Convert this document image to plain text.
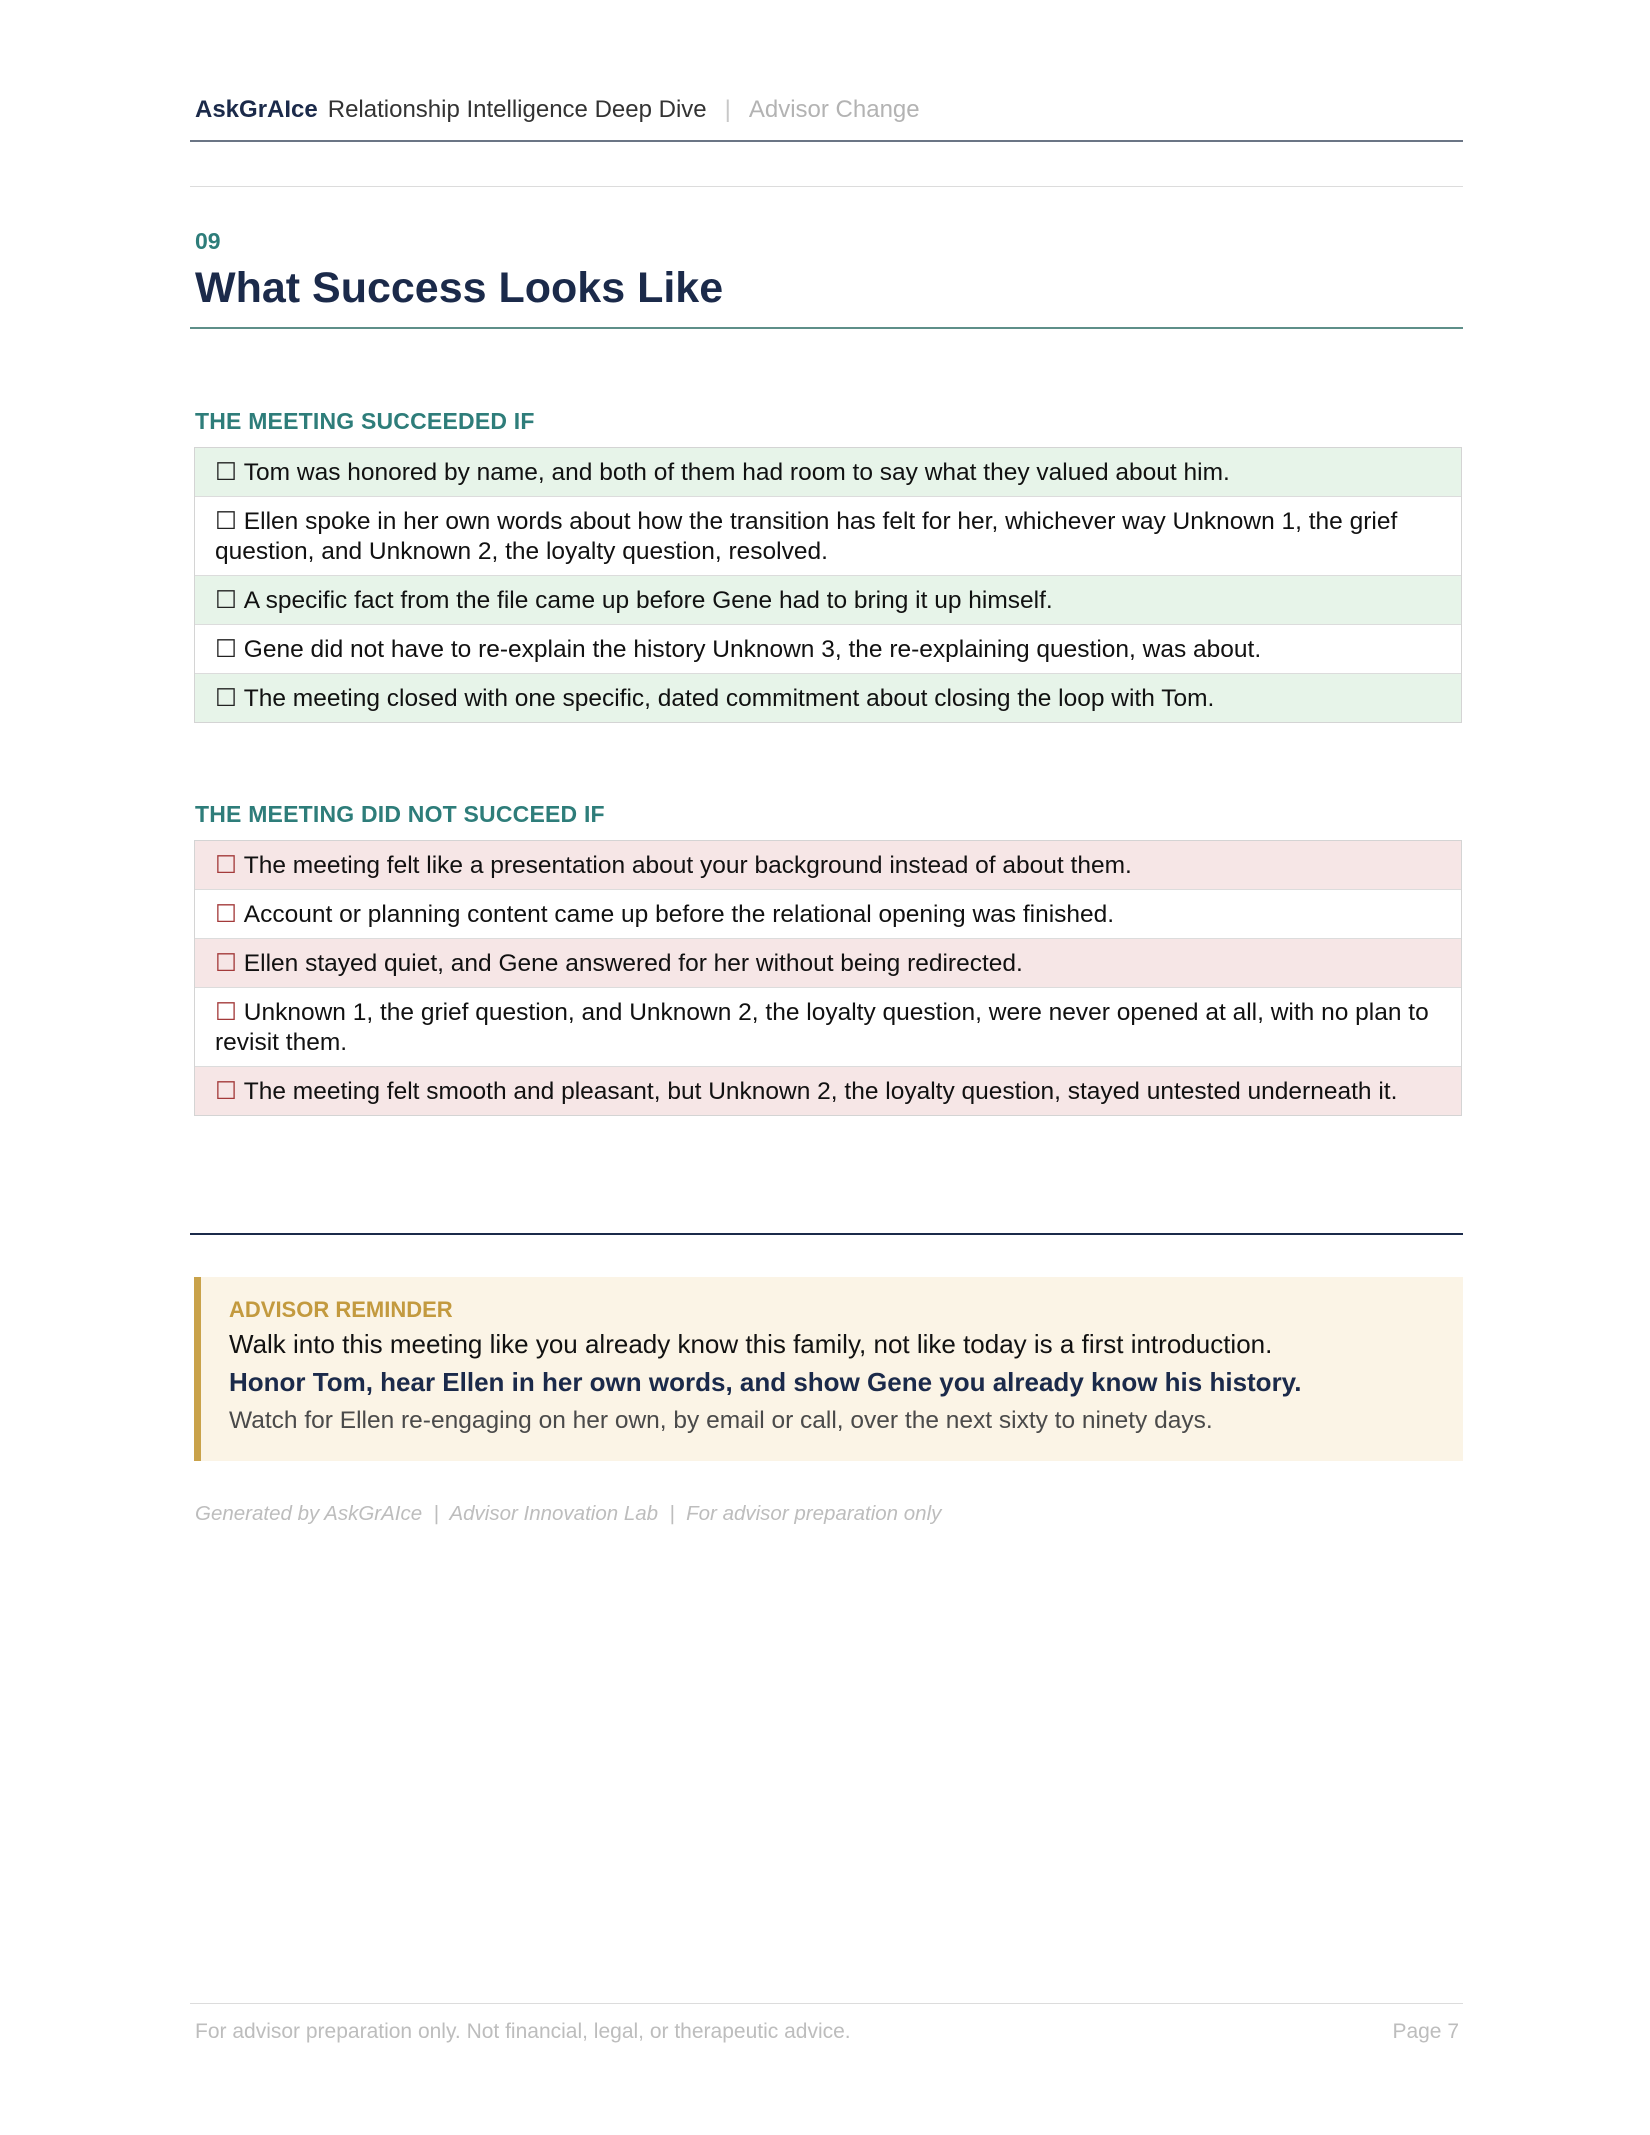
AskGrAIce Relationship Intelligence Deep Dive | Advisor Change
09
What Success Looks Like
THE MEETING SUCCEEDED IF
☐ Tom was honored by name, and both of them had room to say what they valued about him.
☐ Ellen spoke in her own words about how the transition has felt for her, whichever way Unknown 1, the grief question, and Unknown 2, the loyalty question, resolved.
☐ A specific fact from the file came up before Gene had to bring it up himself.
☐ Gene did not have to re-explain the history Unknown 3, the re-explaining question, was about.
☐ The meeting closed with one specific, dated commitment about closing the loop with Tom.
THE MEETING DID NOT SUCCEED IF
☐ The meeting felt like a presentation about your background instead of about them.
☐ Account or planning content came up before the relational opening was finished.
☐ Ellen stayed quiet, and Gene answered for her without being redirected.
☐ Unknown 1, the grief question, and Unknown 2, the loyalty question, were never opened at all, with no plan to revisit them.
☐ The meeting felt smooth and pleasant, but Unknown 2, the loyalty question, stayed untested underneath it.
ADVISOR REMINDER
Walk into this meeting like you already know this family, not like today is a first introduction.
Honor Tom, hear Ellen in her own words, and show Gene you already know his history.
Watch for Ellen re-engaging on her own, by email or call, over the next sixty to ninety days.
Generated by AskGrAIce  |  Advisor Innovation Lab  |  For advisor preparation only
For advisor preparation only. Not financial, legal, or therapeutic advice.	Page 7
